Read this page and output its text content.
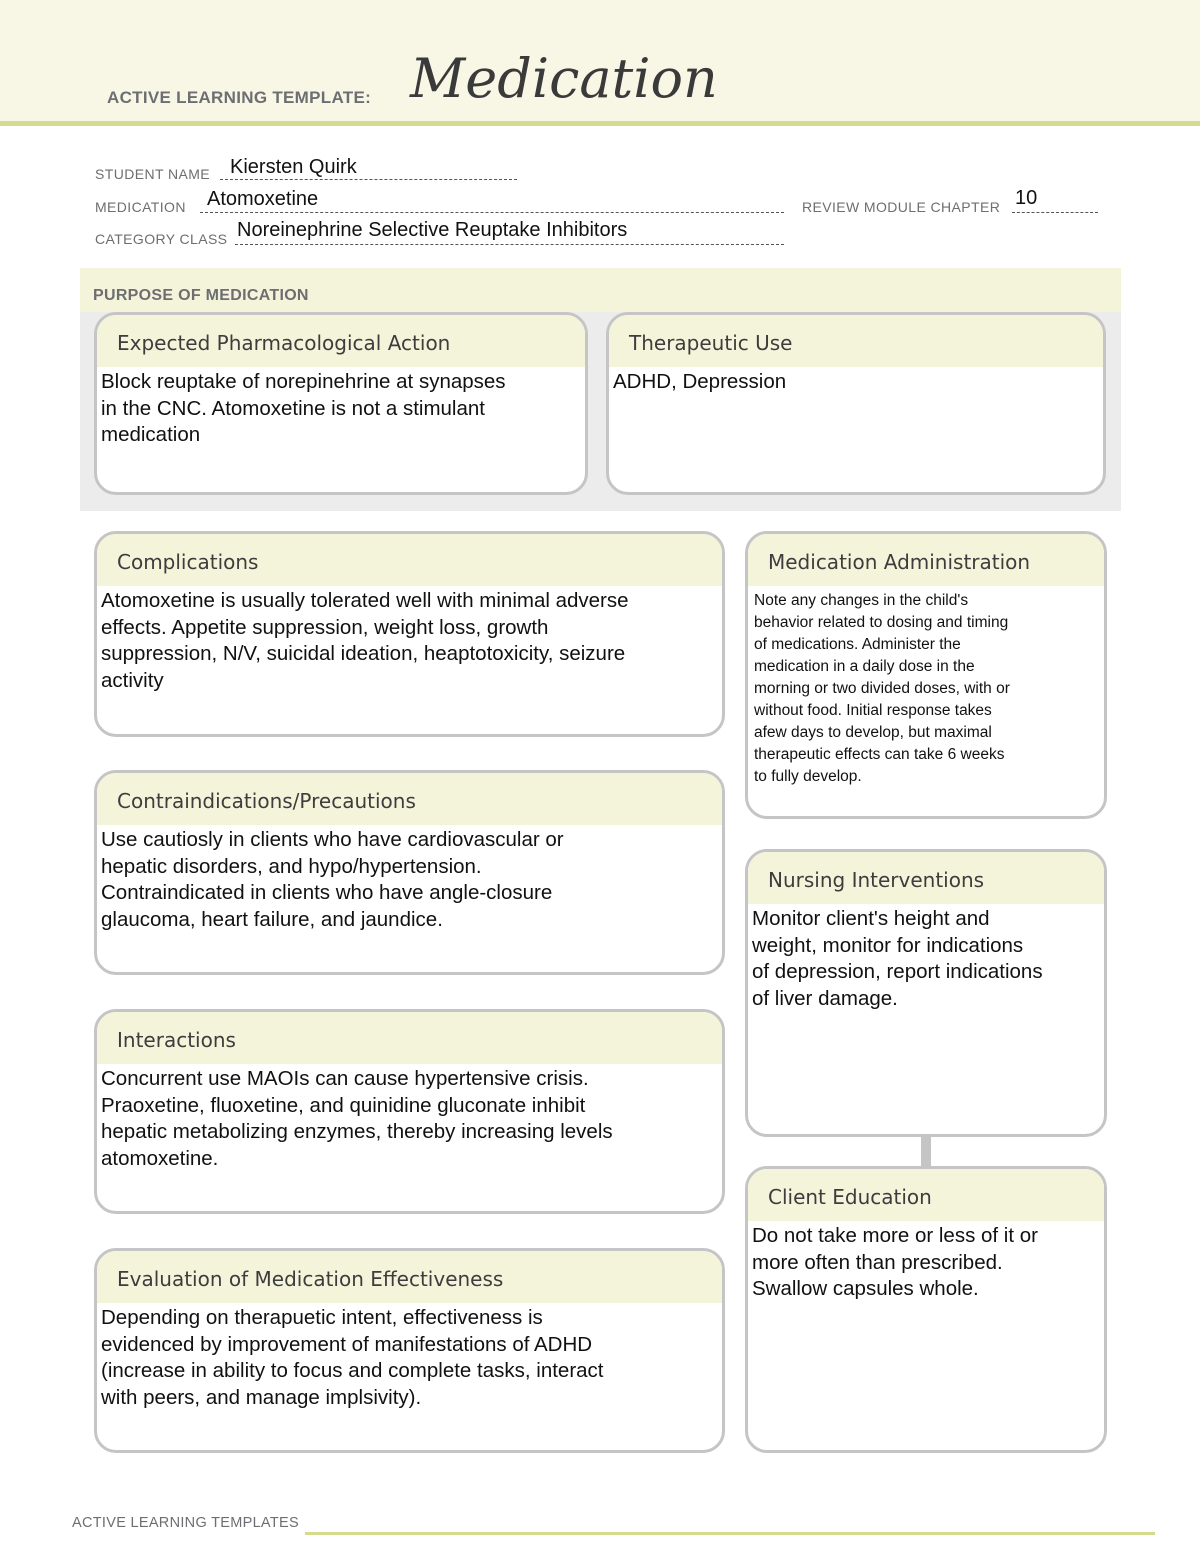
ACTIVE LEARNING TEMPLATE: Medication
STUDENT NAME Kiersten Quirk
MEDICATION Atomoxetine	REVIEW MODULE CHAPTER 10
CATEGORY CLASS Noreinephrine Selective Reuptake Inhibitors
PURPOSE OF MEDICATION
Expected Pharmacological Action
Block reuptake of norepinehrine at synapses
in the CNC. Atomoxetine is not a stimulant
medication
Therapeutic Use
ADHD, Depression
Complications
Atomoxetine is usually tolerated well with minimal adverse
effects. Appetite suppression, weight loss, growth
suppression, N/V, suicidal ideation, heaptotoxicity, seizure
activity
Contraindications/Precautions
Use cautiosly in clients who have cardiovascular or
hepatic disorders, and hypo/hypertension.
Contraindicated in clients who have angle-closure
glaucoma, heart failure, and jaundice.
Interactions
Concurrent use MAOIs can cause hypertensive crisis.
Praoxetine, fluoxetine, and quinidine gluconate inhibit
hepatic metabolizing enzymes, thereby increasing levels
atomoxetine.
Evaluation of Medication Effectiveness
Depending on therapuetic intent, effectiveness is
evidenced by improvement of manifestations of ADHD
(increase in ability to focus and complete tasks, interact
with peers, and manage implsivity).
Medication Administration
Note any changes in the child's
behavior related to dosing and timing
of medications. Administer the
medication in a daily dose in the
morning or two divided doses, with or
without food. Initial response takes
afew days to develop, but maximal
therapeutic effects can take 6 weeks
to fully develop.
Nursing Interventions
Monitor client's height and
weight, monitor for indications
of depression, report indications
of liver damage.
Client Education
Do not take more or less of it or
more often than prescribed.
Swallow capsules whole.
ACTIVE LEARNING TEMPLATES
